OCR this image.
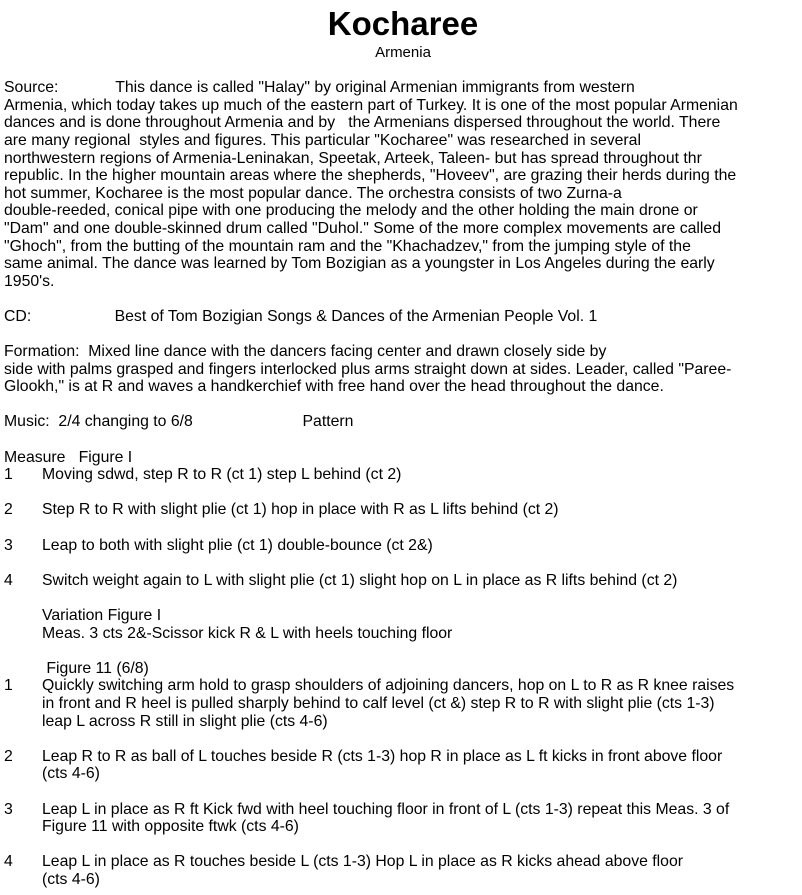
Kocharee
Armenia
Source:             This dance is called "Halay" by original Armenian immigrants from western
Armenia, which today takes up much of the eastern part of Turkey. It is one of the most popular Armenian
dances and is done throughout Armenia and by   the Armenians dispersed throughout the world. There
are many regional  styles and figures. This particular "Kocharee" was researched in several
northwestern regions of Armenia-Leninakan, Speetak, Arteek, Taleen- but has spread throughout thr
republic. In the higher mountain areas where the shepherds, "Hoveev", are grazing their herds during the
hot summer, Kocharee is the most popular dance. The orchestra consists of two Zurna-a
double-reeded, conical pipe with one producing the melody and the other holding the main drone or
"Dam" and one double-skinned drum called "Duhol." Some of the more complex movements are called
"Ghoch", from the butting of the mountain ram and the "Khachadzev," from the jumping style of the
same animal. The dance was learned by Tom Bozigian as a youngster in Los Angeles during the early
1950's.
CD:                   Best of Tom Bozigian Songs & Dances of the Armenian People Vol. 1
Formation:  Mixed line dance with the dancers facing center and drawn closely side by
side with palms grasped and fingers interlocked plus arms straight down at sides. Leader, called "Paree-
Glookh," is at R and waves a handkerchief with free hand over the head throughout the dance.
Music:  2/4 changing to 6/8                         Pattern
Measure   Figure I
1	Moving sdwd, step R to R (ct 1) step L behind (ct 2)
2	Step R to R with slight plie (ct 1) hop in place with R as L lifts behind (ct 2)
3	Leap to both with slight plie (ct 1) double-bounce (ct 2&)
4	Switch weight again to L with slight plie (ct 1) slight hop on L in place as R lifts behind (ct 2)
Variation Figure I
Meas. 3 cts 2&-Scissor kick R & L with heels touching floor
Figure 11 (6/8)
1	Quickly switching arm hold to grasp shoulders of adjoining dancers, hop on L to R as R knee raises
in front and R heel is pulled sharply behind to calf level (ct &) step R to R with slight plie (cts 1-3)
leap L across R still in slight plie (cts 4-6)
2	Leap R to R as ball of L touches beside R (cts 1-3) hop R in place as L ft kicks in front above floor
(cts 4-6)
3	Leap L in place as R ft Kick fwd with heel touching floor in front of L (cts 1-3) repeat this Meas. 3 of
Figure 11 with opposite ftwk (cts 4-6)
4	Leap L in place as R touches beside L (cts 1-3) Hop L in place as R kicks ahead above floor
(cts 4-6)
